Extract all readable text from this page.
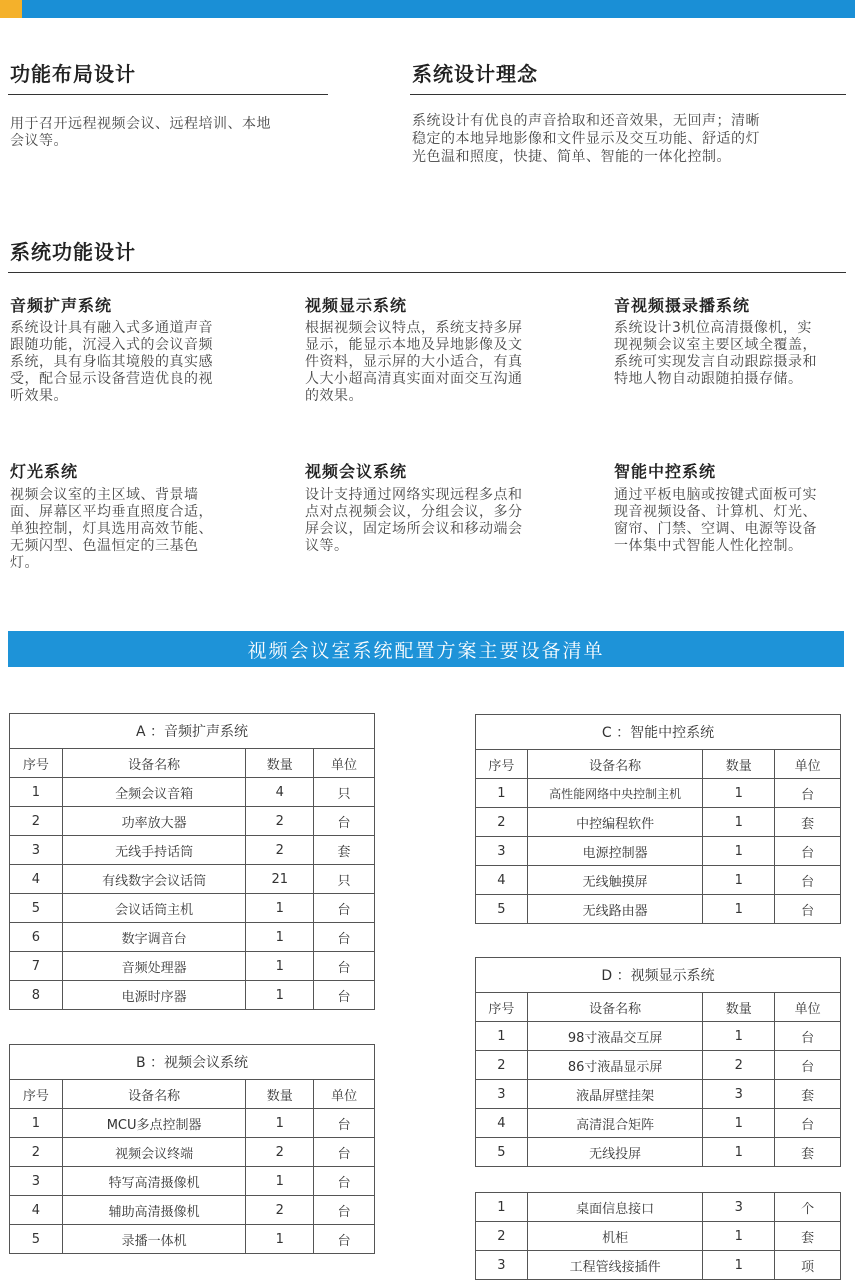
功能布局设计
用于召开远程视频会议、远程培训、本地
会议等。
系统设计理念
系统设计有优良的声音拾取和还音效果，无回声；清晰
稳定的本地异地影像和文件显示及交互功能、舒适的灯
光色温和照度，快捷、简单、智能的一体化控制。
系统功能设计
音频扩声系统
系统设计具有融入式多通道声音
跟随功能，沉浸入式的会议音频
系统，具有身临其境般的真实感
受，配合显示设备营造优良的视
听效果。
视频显示系统
根据视频会议特点，系统支持多屏
显示，能显示本地及异地影像及文
件资料，显示屏的大小适合，有真
人大小超高清真实面对面交互沟通
的效果。
音视频摄录播系统
系统设计3机位高清摄像机，实
现视频会议室主要区域全覆盖，
系统可实现发言自动跟踪摄录和
特地人物自动跟随拍摄存储。
灯光系统
视频会议室的主区域、背景墙
面、屏幕区平均垂直照度合适，
单独控制，灯具选用高效节能、
无频闪型、色温恒定的三基色
灯。
视频会议系统
设计支持通过网络实现远程多点和
点对点视频会议，分组会议，多分
屏会议，固定场所会议和移动端会
议等。
智能中控系统
通过平板电脑或按键式面板可实
现音视频设备、计算机、灯光、
窗帘、门禁、空调、电源等设备
一体集中式智能人性化控制。
视频会议室系统配置方案主要设备清单
A ：音频扩声系统			
序号	设备名称	数量	单位
1	全频会议音箱	4	只
2	功率放大器	2	台
3	无线手持话筒	2	套
4	有线数字会议话筒	21	只
5	会议话筒主机	1	台
6	数字调音台	1	台
7	音频处理器	1	台
8	电源时序器	1	台
B ：视频会议系统			
序号	设备名称	数量	单位
1	MCU多点控制器	1	台
2	视频会议终端	2	台
3	特写高清摄像机	1	台
4	辅助高清摄像机	2	台
5	录播一体机	1	台
C ：智能中控系统			
序号	设备名称	数量	单位
1	高性能网络中央控制主机	1	台
2	中控编程软件	1	套
3	电源控制器	1	台
4	无线触摸屏	1	台
5	无线路由器	1	台
D ：视频显示系统			
序号	设备名称	数量	单位
1	98寸液晶交互屏	1	台
2	86寸液晶显示屏	2	台
3	液晶屏壁挂架	3	套
4	高清混合矩阵	1	台
5	无线投屏	1	套
1	桌面信息接口	3	个
2	机柜	1	套
3	工程管线接插件	1	项
